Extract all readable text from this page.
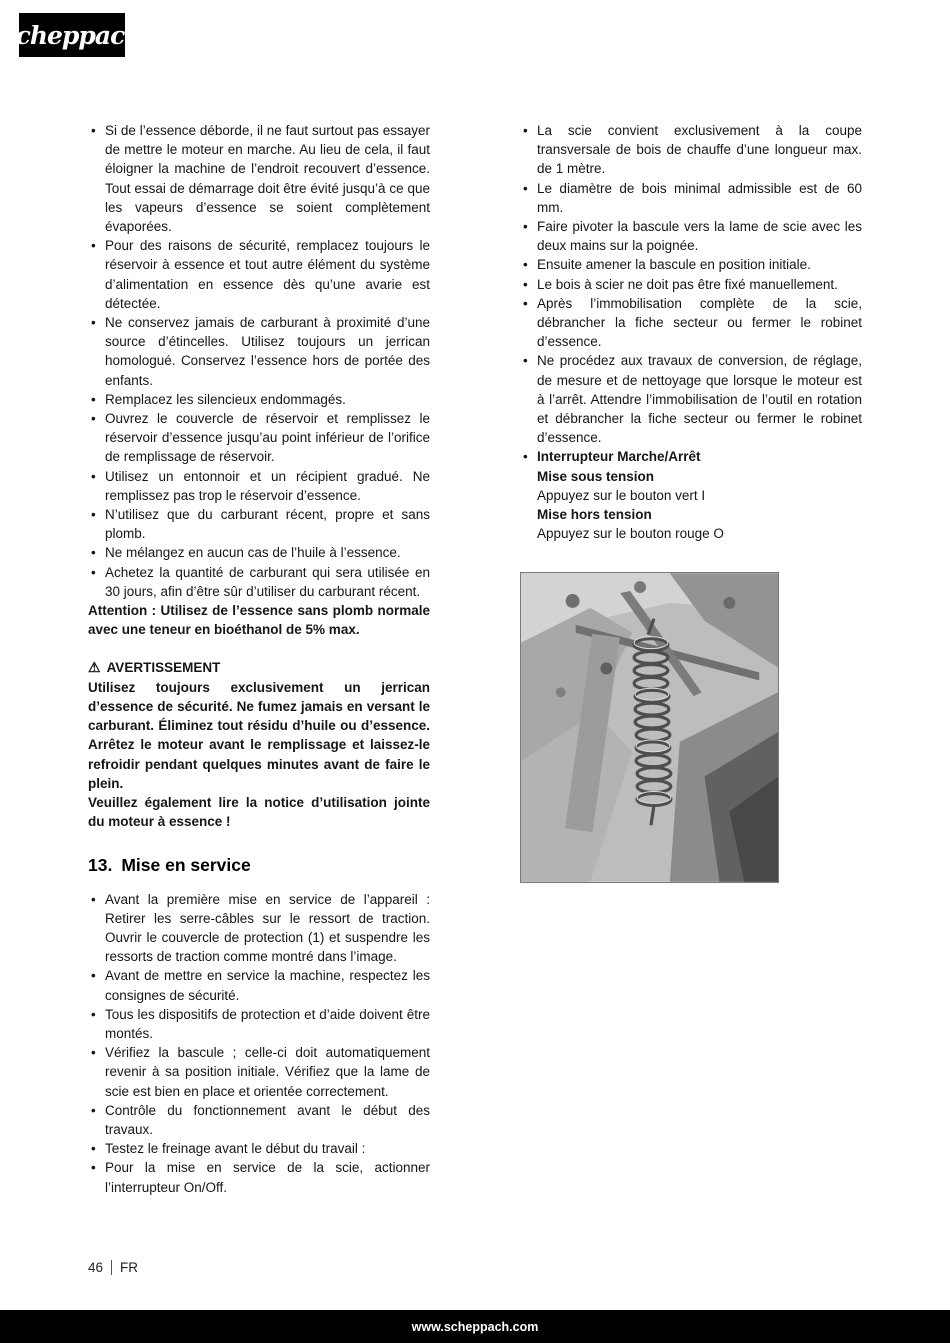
scheppach
• Si de l’essence déborde, il ne faut surtout pas essayer de mettre le moteur en marche. Au lieu de cela, il faut éloigner la machine de l’endroit recouvert d’essence. Tout essai de démarrage doit être évité jusqu’à ce que les vapeurs d’essence se soient complètement évaporées.
• Pour des raisons de sécurité, remplacez toujours le réservoir à essence et tout autre élément du système d’alimentation en essence dès qu’une avarie est détectée.
• Ne conservez jamais de carburant à proximité d’une source d’étincelles. Utilisez toujours un jerrican homologué. Conservez l’essence hors de portée des enfants.
• Remplacez les silencieux endommagés.
• Ouvrez le couvercle de réservoir et remplissez le réservoir d’essence jusqu’au point inférieur de l’orifice de remplissage de réservoir.
• Utilisez un entonnoir et un récipient gradué. Ne remplissez pas trop le réservoir d’essence.
• N’utilisez que du carburant récent, propre et sans plomb.
• Ne mélangez en aucun cas de l’huile à l’essence.
• Achetez la quantité de carburant qui sera utilisée en 30 jours, afin d’être sûr d’utiliser du carburant récent.

Attention : Utilisez de l’essence sans plomb normale avec une teneur en bioéthanol de 5% max.

⚠ AVERTISSEMENT

Utilisez toujours exclusivement un jerrican d’essence de sécurité. Ne fumez jamais en versant le carburant. Éliminez tout résidu d’huile ou d’essence. Arrêtez le moteur avant le remplissage et laissez-le refroidir pendant quelques minutes avant de faire le plein.

Veuillez également lire la notice d’utilisation jointe du moteur à essence !

13. Mise en service
• Avant la première mise en service de l’appareil : Retirer les serre-câbles sur le ressort de traction. Ouvrir le couvercle de protection (1) et suspendre les ressorts de traction comme montré dans l’image.
• Avant de mettre en service la machine, respectez les consignes de sécurité.
• Tous les dispositifs de protection et d’aide doivent être montés.
• Vérifiez la bascule ; celle-ci doit automatiquement revenir à sa position initiale. Vérifiez que la lame de scie est bien en place et orientée correctement.
• Contrôle du fonctionnement avant le début des travaux.
• Testez le freinage avant le début du travail :
• Pour la mise en service de la scie, actionner l’interrupteur On/Off.
• La scie convient exclusivement à la coupe transversale de bois de chauffe d’une longueur max. de 1 mètre.
• Le diamètre de bois minimal admissible est de 60 mm.
• Faire pivoter la bascule vers la lame de scie avec les deux mains sur la poignée.
• Ensuite amener la bascule en position initiale.
• Le bois à scier ne doit pas être fixé manuellement.
• Après l’immobilisation complète de la scie, débrancher la fiche secteur ou fermer le robinet d’essence.
• Ne procédez aux travaux de conversion, de réglage, de mesure et de nettoyage que lorsque le moteur est à l’arrêt. Attendre l’immobilisation de l’outil en rotation et débrancher la fiche secteur ou fermer le robinet d’essence.
• Interrupteur Marche/Arrêt
Mise sous tension
Appuyez sur le bouton vert I
Mise hors tension
Appuyez sur le bouton rouge O
46 FR
www.scheppach.com
